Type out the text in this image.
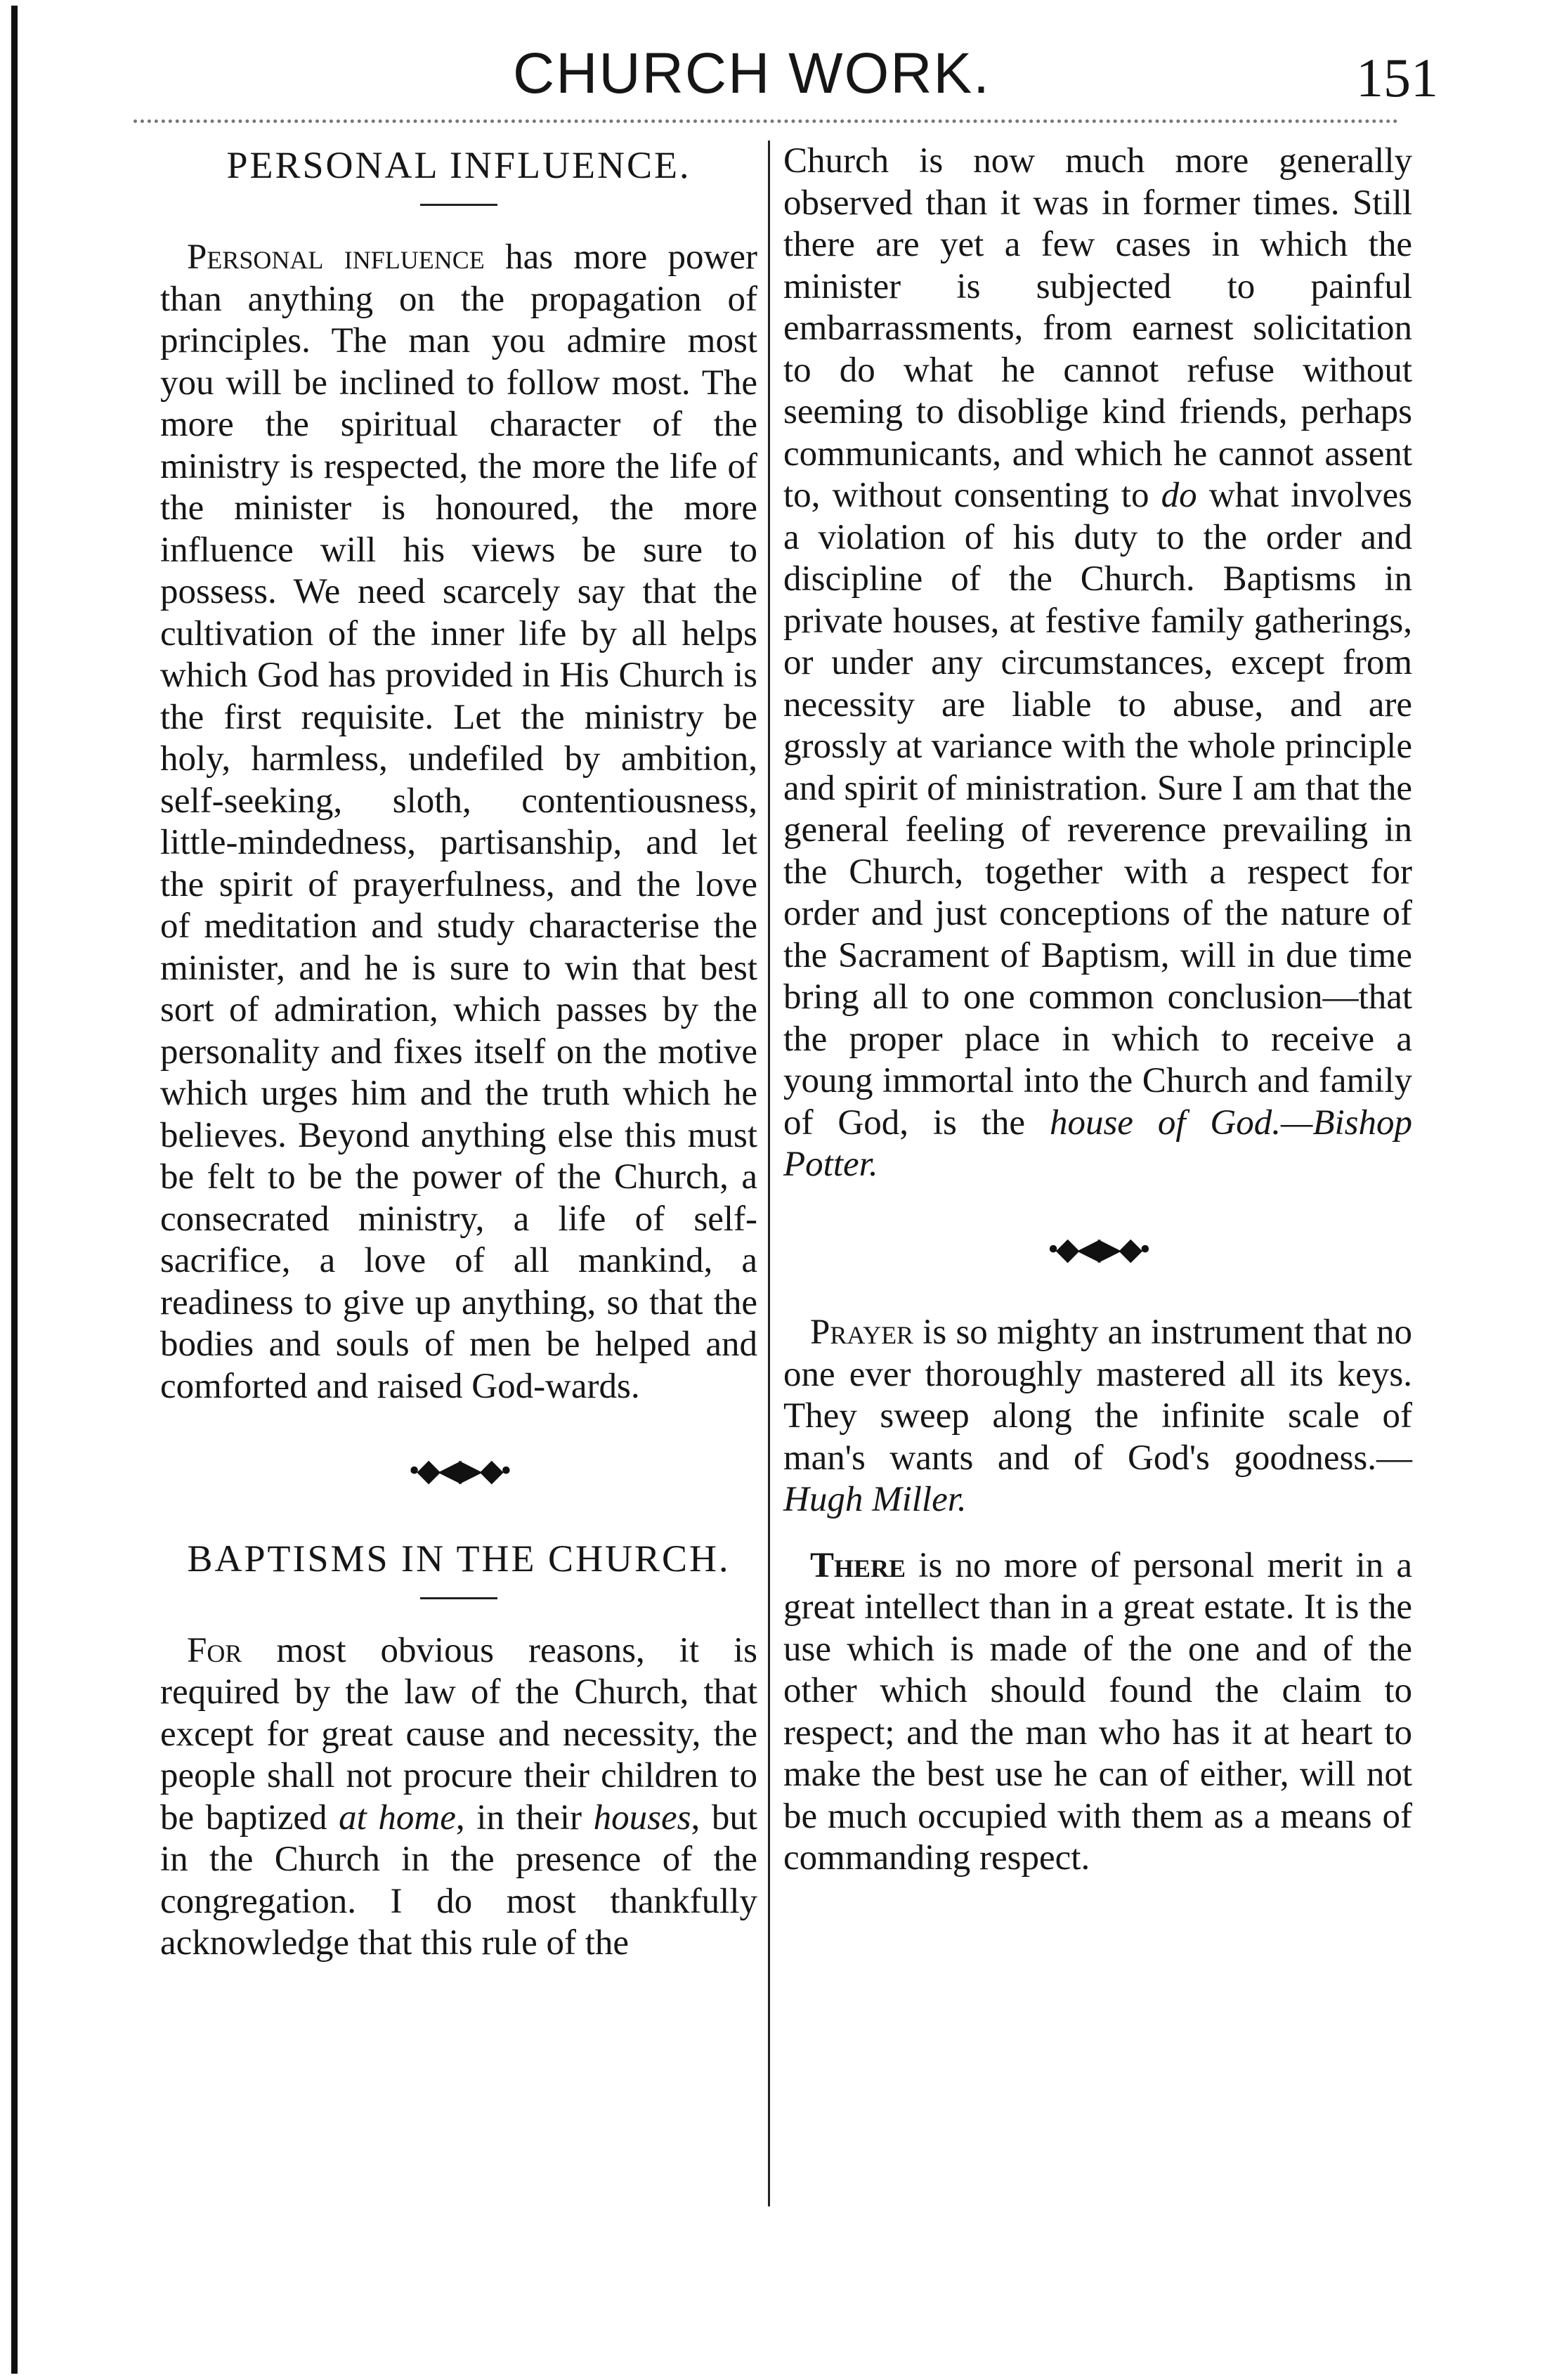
CHURCH WORK.	151
PERSONAL INFLUENCE.

Personal influence has more power than anything on the propagation of principles. The man you admire most you will be inclined to follow most. The more the spiritual character of the ministry is respected, the more the life of the minister is honoured, the more influence will his views be sure to possess. We need scarcely say that the cultivation of the inner life by all helps which God has provided in His Church is the first requisite. Let the ministry be holy, harmless, undefiled by ambition, self-seeking, sloth, contentiousness, little-mindedness, partisanship, and let the spirit of prayerfulness, and the love of meditation and study characterise the minister, and he is sure to win that best sort of admiration, which passes by the personality and fixes itself on the motive which urges him and the truth which he believes. Beyond anything else this must be felt to be the power of the Church, a consecrated ministry, a life of self-sacrifice, a love of all mankind, a readiness to give up anything, so that the bodies and souls of men be helped and comforted and raised God-wards.

•◆◀▶◆•
BAPTISMS IN THE CHURCH.

For most obvious reasons, it is required by the law of the Church, that except for great cause and necessity, the people shall not procure their children to be baptized at home, in their houses, but in the Church in the presence of the congregation. I do most thankfully acknowledge that this rule of the

Church is now much more generally observed than it was in former times. Still there are yet a few cases in which the minister is subjected to painful embarrassments, from earnest solicitation to do what he cannot refuse without seeming to disoblige kind friends, perhaps communicants, and which he cannot assent to, without consenting to do what involves a violation of his duty to the order and discipline of the Church. Baptisms in private houses, at festive family gatherings, or under any circumstances, except from necessity are liable to abuse, and are grossly at variance with the whole principle and spirit of ministration. Sure I am that the general feeling of reverence prevailing in the Church, together with a respect for order and just conceptions of the nature of the Sacrament of Baptism, will in due time bring all to one common conclusion—that the proper place in which to receive a young immortal into the Church and family of God, is the house of God.—Bishop Potter.

•◆◀▶◆•

Prayer is so mighty an instrument that no one ever thoroughly mastered all its keys. They sweep along the infinite scale of man's wants and of God's goodness.— Hugh Miller.

There is no more of personal merit in a great intellect than in a great estate. It is the use which is made of the one and of the other which should found the claim to respect; and the man who has it at heart to make the best use he can of either, will not be much occupied with them as a means of commanding respect.
